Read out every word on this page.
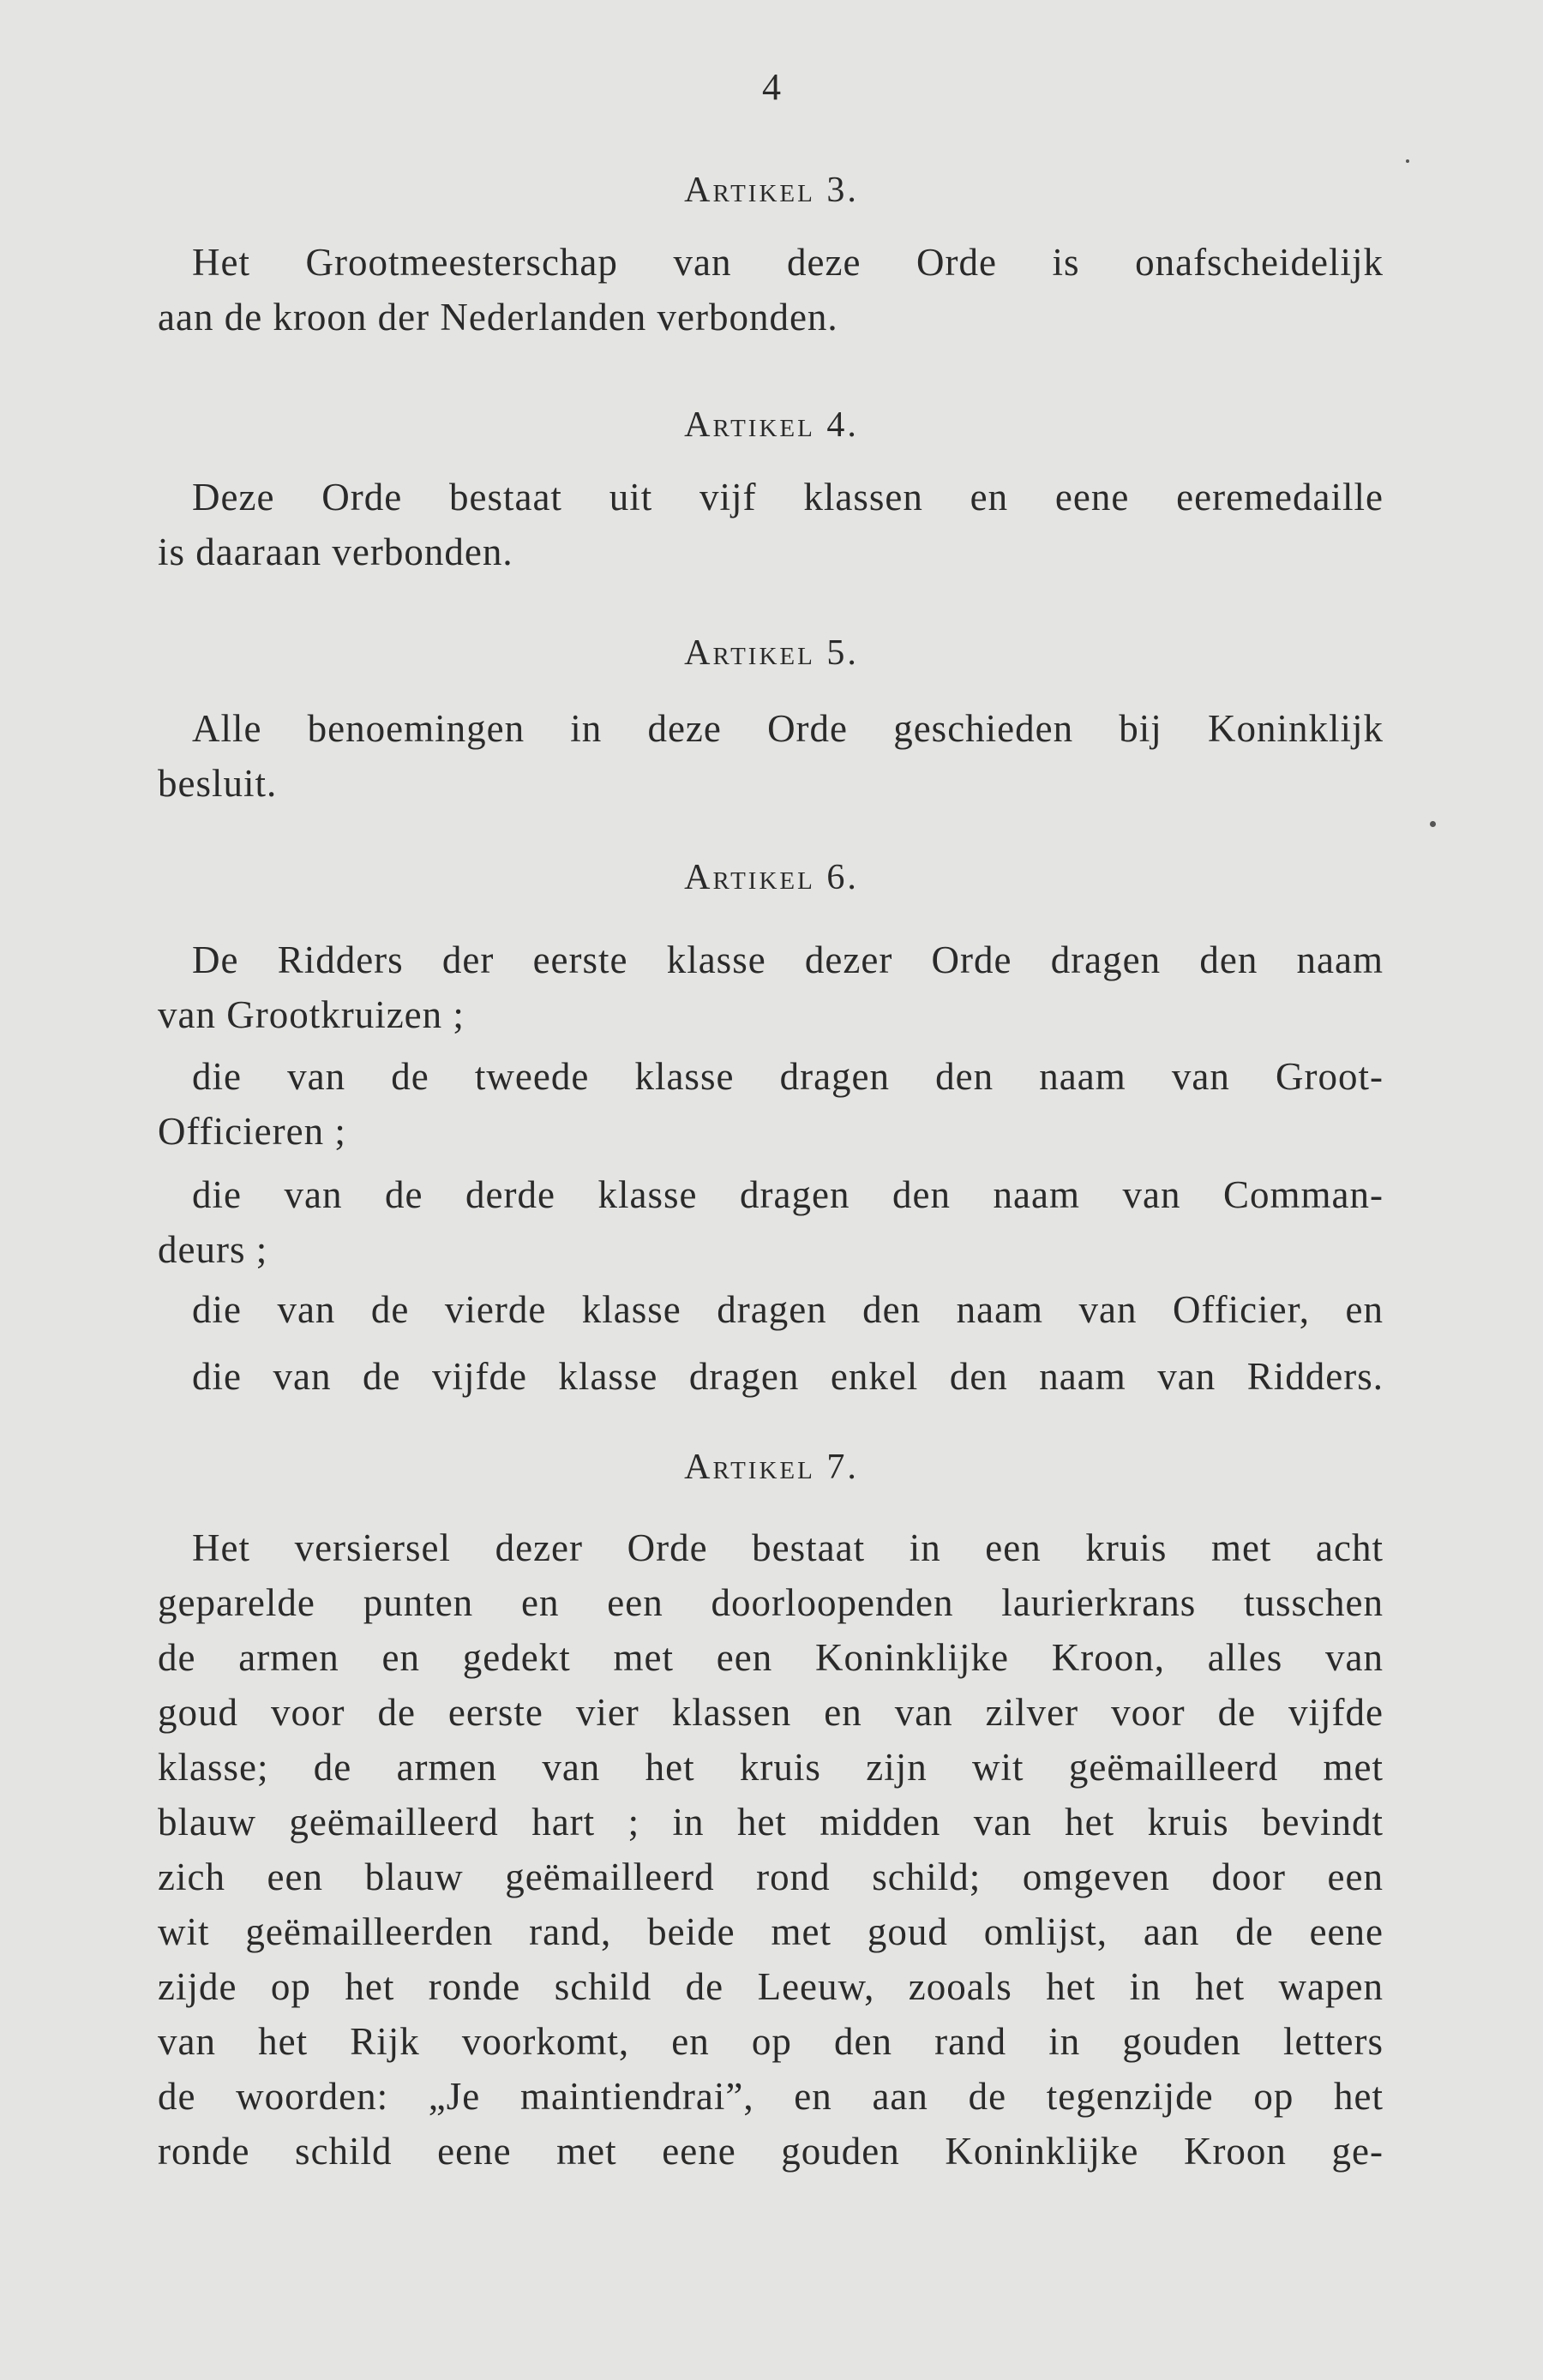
4
Artikel 3.
Het Grootmeesterschap van deze Orde is onafscheidelijk
aan de kroon der Nederlanden verbonden.
Artikel 4.
Deze Orde bestaat uit vijf klassen en eene eeremedaille
is daaraan verbonden.
Artikel 5.
Alle benoemingen in deze Orde geschieden bij Koninklijk
besluit.
Artikel 6.
De Ridders der eerste klasse dezer Orde dragen den naam
van Grootkruizen ;
die van de tweede klasse dragen den naam van Groot-
Officieren ;
die van de derde klasse dragen den naam van Comman-
deurs ;
die van de vierde klasse dragen den naam van Officier, en
die van de vijfde klasse dragen enkel den naam van Ridders.
Artikel 7.
Het versiersel dezer Orde bestaat in een kruis met acht
geparelde punten en een doorloopenden laurierkrans tusschen
de armen en gedekt met een Koninklijke Kroon, alles van
goud voor de eerste vier klassen en van zilver voor de vijfde
klasse; de armen van het kruis zijn wit geëmailleerd met
blauw geëmailleerd hart ; in het midden van het kruis bevindt
zich een blauw geëmailleerd rond schild; omgeven door een
wit geëmailleerden rand, beide met goud omlijst, aan de eene
zijde op het ronde schild de Leeuw, zooals het in het wapen
van het Rijk voorkomt, en op den rand in gouden letters
de woorden: „Je maintiendrai”, en aan de tegenzijde op het
ronde schild eene met eene gouden Koninklijke Kroon ge-
